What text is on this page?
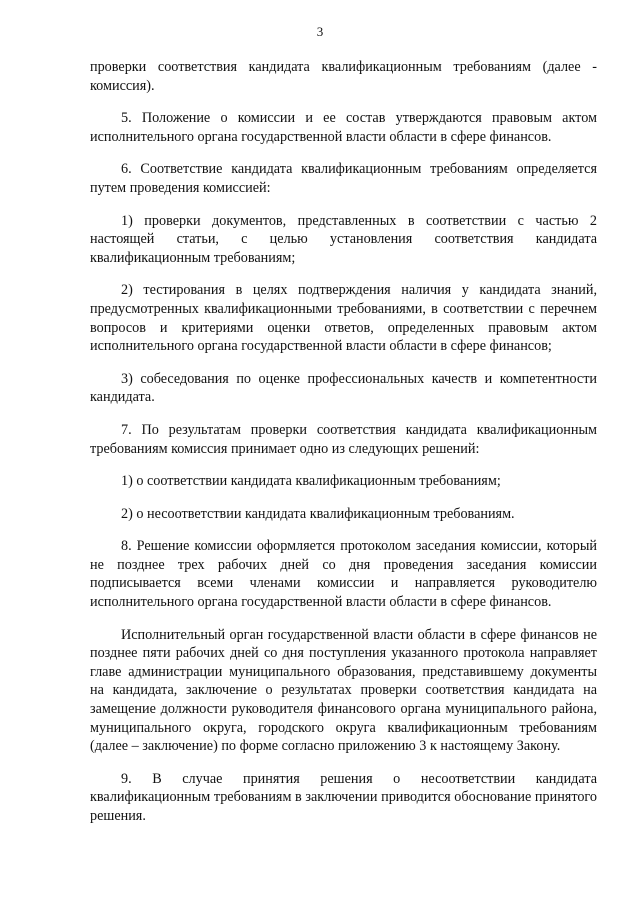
3

проверки соответствия кандидата квалификационным требованиям (далее - комиссия).

5. Положение о комиссии и ее состав утверждаются правовым актом исполнительного органа государственной власти области в сфере финансов.

6. Соответствие кандидата квалификационным требованиям определяется путем проведения комиссией:

1) проверки документов, представленных в соответствии с частью 2 настоящей статьи, с целью установления соответствия кандидата квалификационным требованиям;

2) тестирования в целях подтверждения наличия у кандидата знаний, предусмотренных квалификационными требованиями, в соответствии с перечнем вопросов и критериями оценки ответов, определенных правовым актом исполнительного органа государственной власти области в сфере финансов;

3) собеседования по оценке профессиональных качеств и компетентности кандидата.

7. По результатам проверки соответствия кандидата квалификационным требованиям комиссия принимает одно из следующих решений:

1) о соответствии кандидата квалификационным требованиям;

2) о несоответствии кандидата квалификационным требованиям.

8. Решение комиссии оформляется протоколом заседания комиссии, который не позднее трех рабочих дней со дня проведения заседания комиссии подписывается всеми членами комиссии и направляется руководителю исполнительного органа государственной власти области в сфере финансов.

Исполнительный орган государственной власти области в сфере финансов не позднее пяти рабочих дней со дня поступления указанного протокола направляет главе администрации муниципального образования, представившему документы на кандидата, заключение о результатах проверки соответствия кандидата на замещение должности руководителя финансового органа муниципального района, муниципального округа, городского округа квалификационным требованиям (далее – заключение) по форме согласно приложению 3 к настоящему Закону.

9. В случае принятия решения о несоответствии кандидата квалификационным требованиям в заключении приводится обоснование принятого решения.
